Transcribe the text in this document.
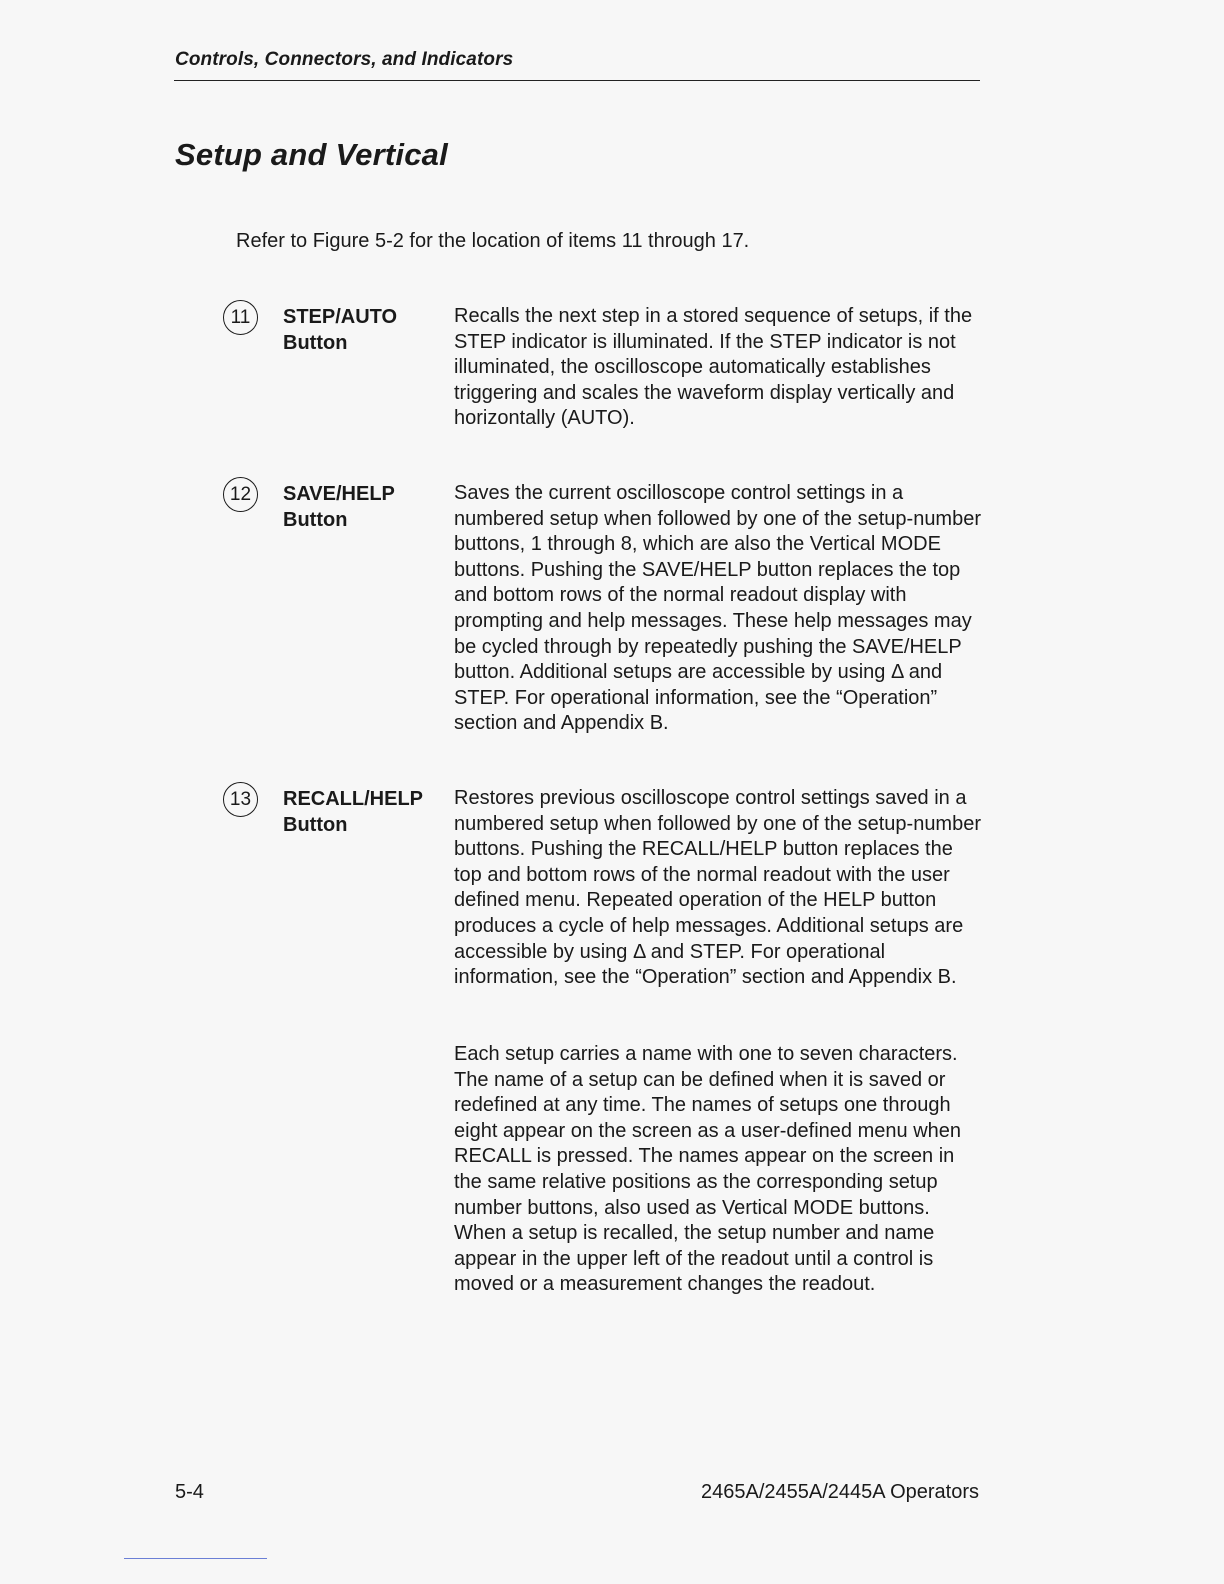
Controls, Connectors, and Indicators
Setup and Vertical

Refer to Figure 5-2 for the location of items 11 through 17.

11	STEP/AUTO
Button

Recalls the next step in a stored sequence of setups, if the STEP indicator is illuminated. If the STEP indicator is not illuminated, the oscilloscope automatically establishes triggering and scales the waveform display vertically and horizontally (AUTO).

12	SAVE/HELP
Button

Saves the current oscilloscope control settings in a numbered setup when followed by one of the setup-number buttons, 1 through 8, which are also the Vertical MODE buttons. Pushing the SAVE/HELP button replaces the top and bottom rows of the normal readout display with prompting and help messages. These help messages may be cycled through by repeatedly pushing the SAVE/HELP button. Additional setups are accessible by using Δ and STEP. For operational information, see the “Operation” section and Appendix B.

13	RECALL/HELP
Button

Restores previous oscilloscope control settings saved in a numbered setup when followed by one of the setup-number buttons. Pushing the RECALL/HELP button replaces the top and bottom rows of the normal readout with the user defined menu. Repeated operation of the HELP button produces a cycle of help messages. Additional setups are accessible by using Δ and STEP. For operational information, see the “Operation” section and Appendix B.

Each setup carries a name with one to seven characters. The name of a setup can be defined when it is saved or redefined at any time. The names of setups one through eight appear on the screen as a user-defined menu when RECALL is pressed. The names appear on the screen in the same relative positions as the corresponding setup number buttons, also used as Vertical MODE buttons. When a setup is recalled, the setup number and name appear in the upper left of the readout until a control is moved or a measurement changes the readout.

5-4	2465A/2455A/2445A Operators
